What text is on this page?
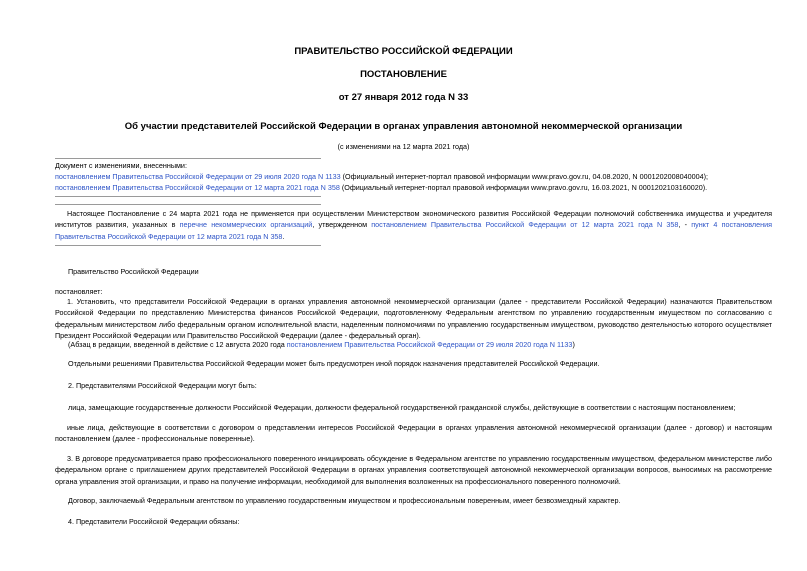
ПРАВИТЕЛЬСТВО РОССИЙСКОЙ ФЕДЕРАЦИИ
ПОСТАНОВЛЕНИЕ
от 27 января 2012 года N 33
Об участии представителей Российской Федерации в органах управления автономной некоммерческой организации
(с изменениями на 12 марта 2021 года)
Документ с изменениями, внесенными:
постановлением Правительства Российской Федерации от 29 июля 2020 года N 1133 (Официальный интернет-портал правовой информации www.pravo.gov.ru, 04.08.2020, N 0001202008040004);
постановлением Правительства Российской Федерации от 12 марта 2021 года N 358 (Официальный интернет-портал правовой информации www.pravo.gov.ru, 16.03.2021, N 0001202103160020).
Настоящее Постановление с 24 марта 2021 года не применяется при осуществлении Министерством экономического развития Российской Федерации полномочий собственника имущества и учредителя институтов развития, указанных в перечне некоммерческих организаций, утвержденном постановлением Правительства Российской Федерации от 12 марта 2021 года N 358, - пункт 4 постановления Правительства Российской Федерации от 12 марта 2021 года N 358.
Правительство Российской Федерации
постановляет:
1. Установить, что представители Российской Федерации в органах управления автономной некоммерческой организации (далее - представители Российской Федерации) назначаются Правительством Российской Федерации по представлению Министерства финансов Российской Федерации, подготовленному Федеральным агентством по управлению государственным имуществом по согласованию с федеральным министерством либо федеральным органом исполнительной власти, наделенным полномочиями по управлению государственным имуществом, руководство деятельностью которого осуществляет Президент Российской Федерации или Правительство Российской Федерации (далее - федеральный орган).
(Абзац в редакции, введенной в действие с 12 августа 2020 года постановлением Правительства Российской Федерации от 29 июля 2020 года N 1133)
Отдельными решениями Правительства Российской Федерации может быть предусмотрен иной порядок назначения представителей Российской Федерации.
2. Представителями Российской Федерации могут быть:
лица, замещающие государственные должности Российской Федерации, должности федеральной государственной гражданской службы, действующие в соответствии с настоящим постановлением;
иные лица, действующие в соответствии с договором о представлении интересов Российской Федерации в органах управления автономной некоммерческой организации (далее - договор) и настоящим постановлением (далее - профессиональные поверенные).
3. В договоре предусматривается право профессионального поверенного инициировать обсуждение в Федеральном агентстве по управлению государственным имуществом, федеральном министерстве либо федеральном органе с приглашением других представителей Российской Федерации в органах управления соответствующей автономной некоммерческой организации вопросов, выносимых на рассмотрение органа управления этой организации, и право на получение информации, необходимой для выполнения возложенных на профессионального поверенного полномочий.
Договор, заключаемый Федеральным агентством по управлению государственным имуществом и профессиональным поверенным, имеет безвозмездный характер.
4. Представители Российской Федерации обязаны:
